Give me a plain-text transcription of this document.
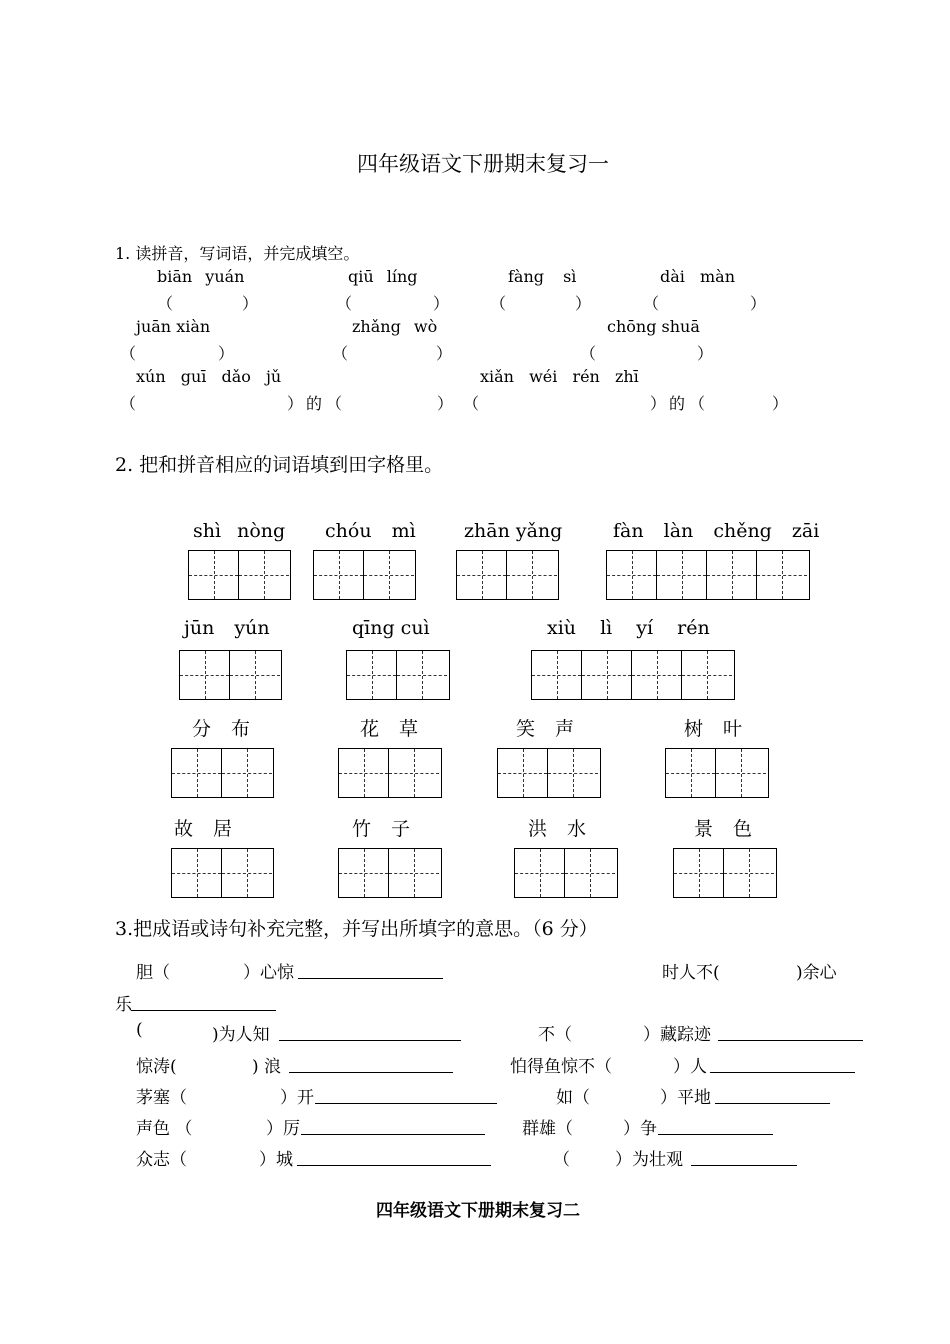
四年级语文下册期末复习一
1. 读拼音，写词语，并完成填空。
biān yuán	qiū líng	fàng sì	dài màn
（	）	（	）	（	）	（	）
juān xiàn	zhǎng wò	chōng shuā
（	）	（	）	（	）
xún guī dǎo jǔ	xiǎn wéi rén zhī
（	） 的 （	） （	） 的 （	）
2. 把和拼音相应的词语填到田字格里。
shì nòng chóu mì	zhān yǎng	fàn làn chěng zāi
jūn yún	qīng cuì	xiù lì yí rén
分 布	花 草	笑 声	树 叶
故 居	竹 子	洪 水	景 色
3.把成语或诗句补充完整，并写出所填字的意思。（6 分）
胆（	）心惊	时人不(	)余心
乐
(	)为人知	不（	）藏踪迹
惊涛(	) 浪	怕得鱼惊不（	）人
茅塞（	）开	如（	）平地
声色 （	）厉	群雄（	）争
众志（	）城	（	）为壮观
四年级语文下册期末复习二
